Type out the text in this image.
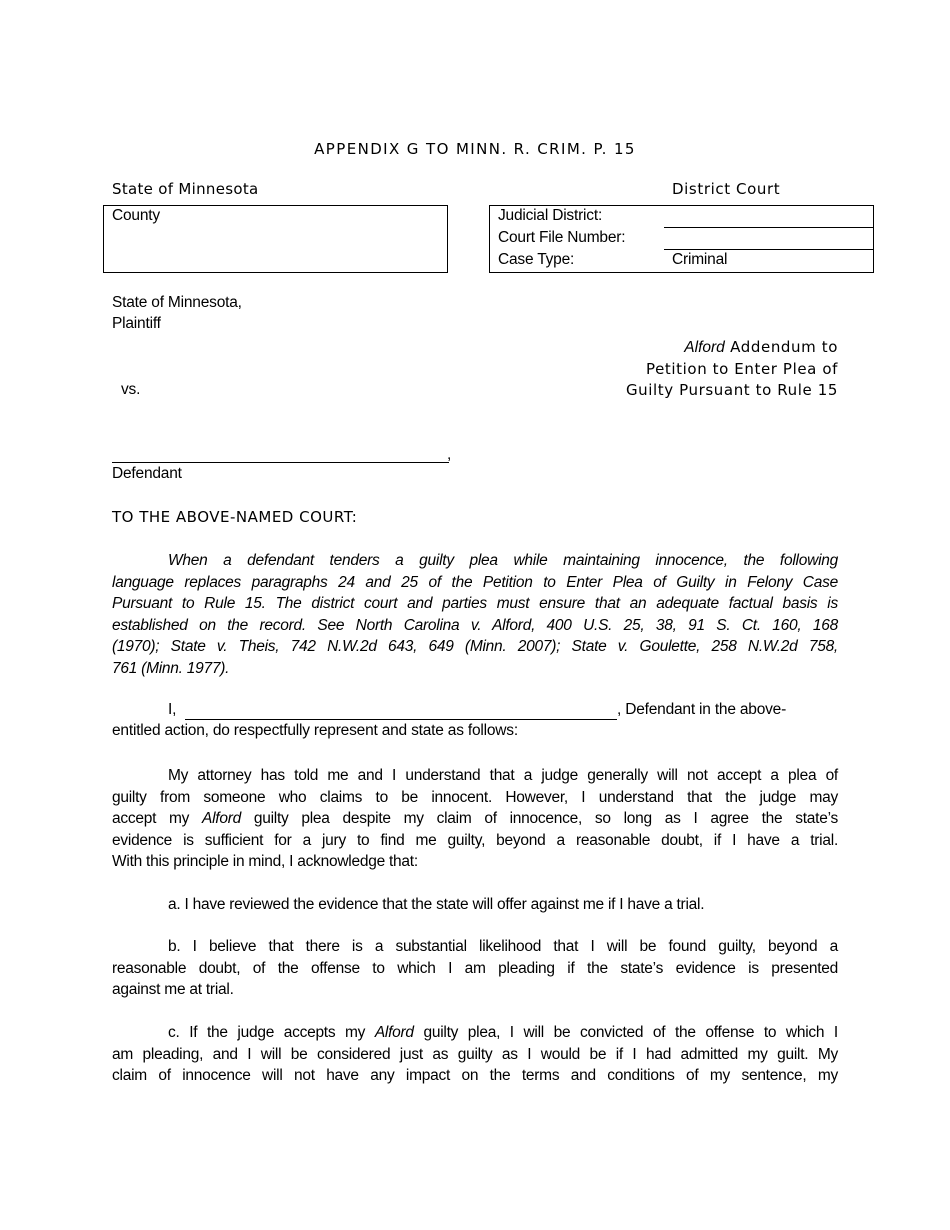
APPENDIX G TO MINN. R. CRIM. P. 15
State of Minnesota	District Court
County	Judicial District:
Court File Number:
Case Type:	Criminal
State of Minnesota,
Plaintiff
vs.
Alford Addendum to
Petition to Enter Plea of
Guilty Pursuant to Rule 15
,
Defendant
TO THE ABOVE-NAMED COURT:
When a defendant tenders a guilty plea while maintaining innocence, the following
language replaces paragraphs 24 and 25 of the Petition to Enter Plea of Guilty in Felony Case
Pursuant to Rule 15. The district court and parties must ensure that an adequate factual basis is
established on the record. See North Carolina v. Alford, 400 U.S. 25, 38, 91 S. Ct. 160, 168
(1970); State v. Theis, 742 N.W.2d 643, 649 (Minn. 2007); State v. Goulette, 258 N.W.2d 758,
761 (Minn. 1977).
I,	, Defendant in the above-
entitled action, do respectfully represent and state as follows:
My attorney has told me and I understand that a judge generally will not accept a plea of
guilty from someone who claims to be innocent. However, I understand that the judge may
accept my Alford guilty plea despite my claim of innocence, so long as I agree the state’s
evidence is sufficient for a jury to find me guilty, beyond a reasonable doubt, if I have a trial.
With this principle in mind, I acknowledge that:
a. I have reviewed the evidence that the state will offer against me if I have a trial.
b. I believe that there is a substantial likelihood that I will be found guilty, beyond a
reasonable doubt, of the offense to which I am pleading if the state’s evidence is presented
against me at trial.
c. If the judge accepts my Alford guilty plea, I will be convicted of the offense to which I
am pleading, and I will be considered just as guilty as I would be if I had admitted my guilt. My
claim of innocence will not have any impact on the terms and conditions of my sentence, my
